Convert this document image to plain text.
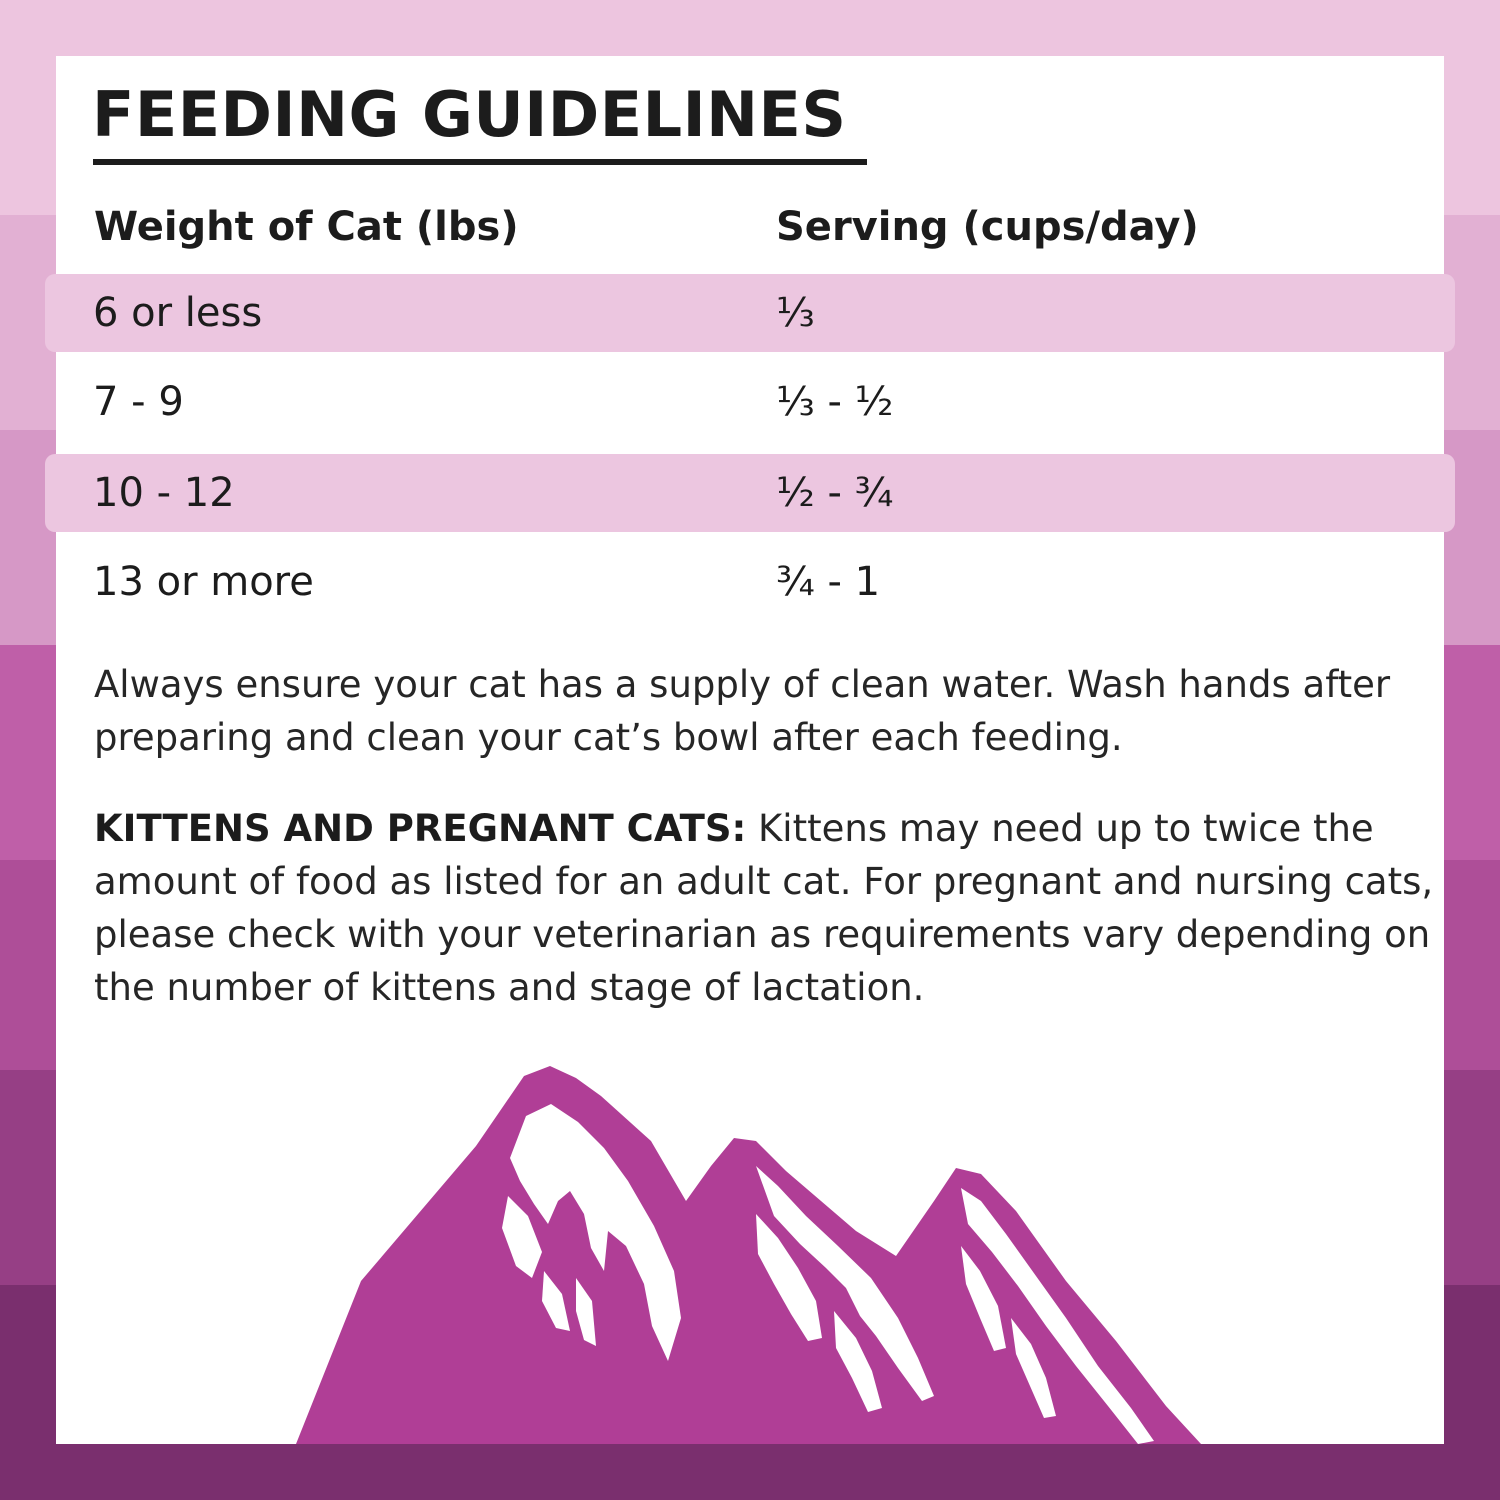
FEEDING GUIDELINES
Weight of Cat (lbs)	Serving (cups/day)
6 or less	⅓
7 - 9	⅓ - ½
10 - 12	½ - ¾
13 or more	¾ - 1

Always ensure your cat has a supply of clean water. Wash hands after preparing and clean your cat’s bowl after each feeding.

KITTENS AND PREGNANT CATS: Kittens may need up to twice the amount of food as listed for an adult cat. For pregnant and nursing cats, please check with your veterinarian as requirements vary depending on the number of kittens and stage of lactation.
